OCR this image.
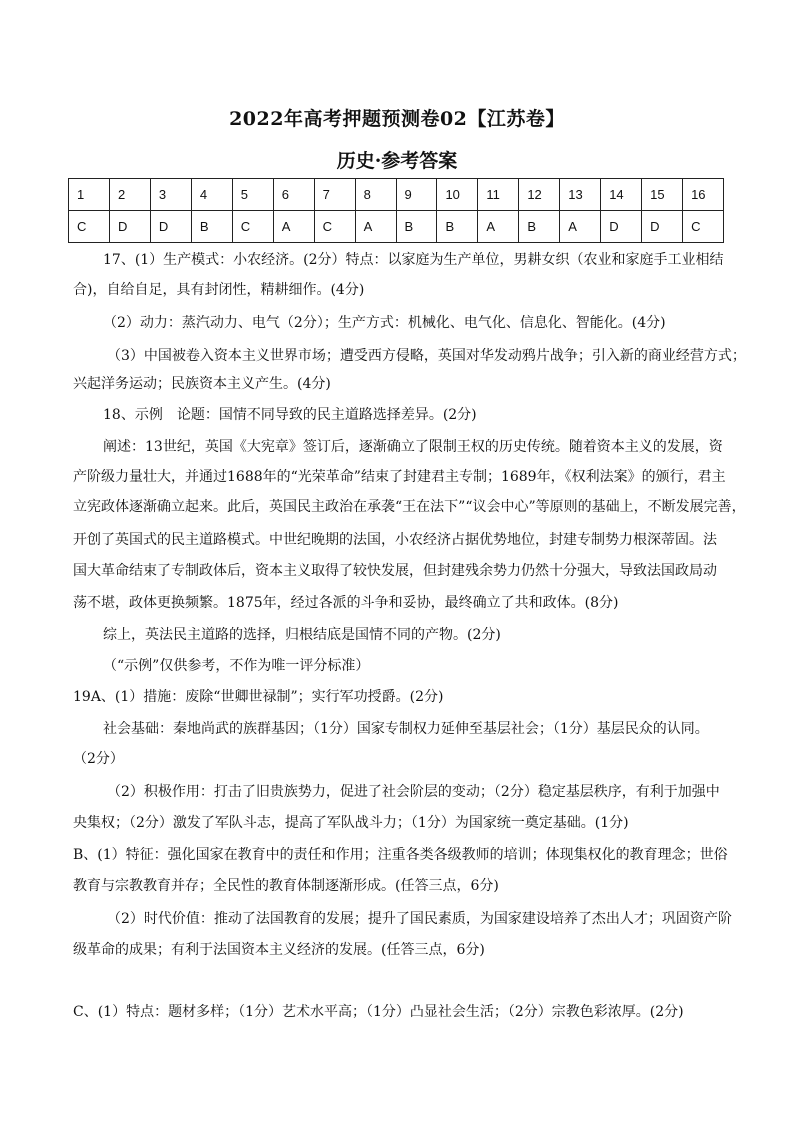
2022年高考押题预测卷02【江苏卷】
历史·参考答案
1	2	3	4	5	6	7	8	9	10	11	12	13	14	15	16
C	D	D	B	C	A	C	A	B	B	A	B	A	D	D	C
17、(1）生产模式：小农经济。(2分）特点：以家庭为生产单位，男耕女织（农业和家庭手工业相结
合)，自给自足，具有封闭性，精耕细作。(4分)
（2）动力：蒸汽动力、电气（2分）；生产方式：机械化、电气化、信息化、智能化。(4分)
（3）中国被卷入资本主义世界市场；遭受西方侵略，英国对华发动鸦片战争；引入新的商业经营方式；
兴起洋务运动；民族资本主义产生。(4分)
18、示例　论题：国情不同导致的民主道路选择差异。(2分)
阐述：13世纪，英国《大宪章》签订后，逐渐确立了限制王权的历史传统。随着资本主义的发展，资
产阶级力量壮大，并通过1688年的“光荣革命”结束了封建君主专制；1689年，《权利法案》的颁行，君主
立宪政体逐渐确立起来。此后，英国民主政治在承袭“王在法下”“议会中心”等原则的基础上，不断发展完善，
开创了英国式的民主道路模式。中世纪晚期的法国，小农经济占据优势地位，封建专制势力根深蒂固。法
国大革命结束了专制政体后，资本主义取得了较快发展，但封建残余势力仍然十分强大，导致法国政局动
荡不堪，政体更换频繁。1875年，经过各派的斗争和妥协，最终确立了共和政体。(8分)
综上，英法民主道路的选择，归根结底是国情不同的产物。(2分)
（“示例”仅供参考，不作为唯一评分标准）
19A、(1）措施：废除“世卿世禄制”；实行军功授爵。(2分)
社会基础：秦地尚武的族群基因；（1分）国家专制权力延伸至基层社会；（1分）基层民众的认同。
（2分）
（2）积极作用：打击了旧贵族势力，促进了社会阶层的变动；（2分）稳定基层秩序，有利于加强中
央集权；（2分）激发了军队斗志，提高了军队战斗力；（1分）为国家统一奠定基础。(1分)
B、(1）特征：强化国家在教育中的责任和作用；注重各类各级教师的培训；体现集权化的教育理念；世俗
教育与宗教教育并存；全民性的教育体制逐渐形成。(任答三点，6分)
（2）时代价值：推动了法国教育的发展；提升了国民素质，为国家建设培养了杰出人才；巩固资产阶
级革命的成果；有利于法国资本主义经济的发展。(任答三点，6分)
C、(1）特点：题材多样；（1分）艺术水平高；（1分）凸显社会生活；（2分）宗教色彩浓厚。(2分)
